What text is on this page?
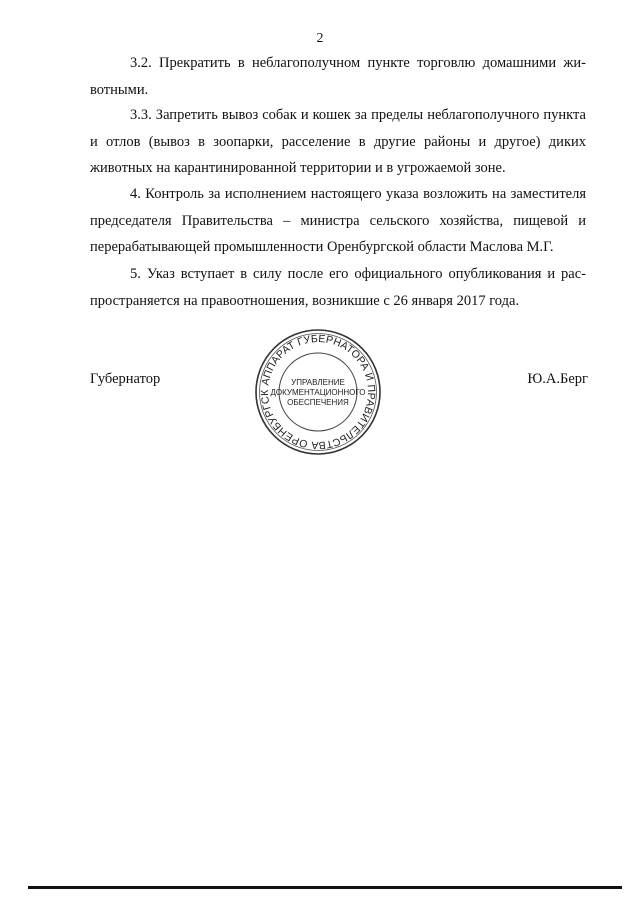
2

3.2. Прекратить в неблагополучном пункте торговлю домашними животными.

3.3. Запретить вывоз собак и кошек за пределы неблагополучного пункта и отлов (вывоз в зоопарки, расселение в другие районы и другое) диких животных на карантинированной территории и в угрожаемой зоне.

4. Контроль за исполнением настоящего указа возложить на заместителя председателя Правительства – министра сельского хозяйства, пищевой и перерабатывающей промышленности Оренбургской области Маслова М.Г.

5. Указ вступает в силу после его официального опубликования и распространяется на правоотношения, возникшие с 26 января 2017 года.

Губернатор	Ю.А.Берг
АППАРАТ ГУБЕРНАТОРА И ПРАВИТЕЛЬСТВА ОРЕНБУРГСК
УПРАВЛЕНИЕ
ДОКУМЕНТАЦИОННОГО
ОБЕСПЕЧЕНИЯ
